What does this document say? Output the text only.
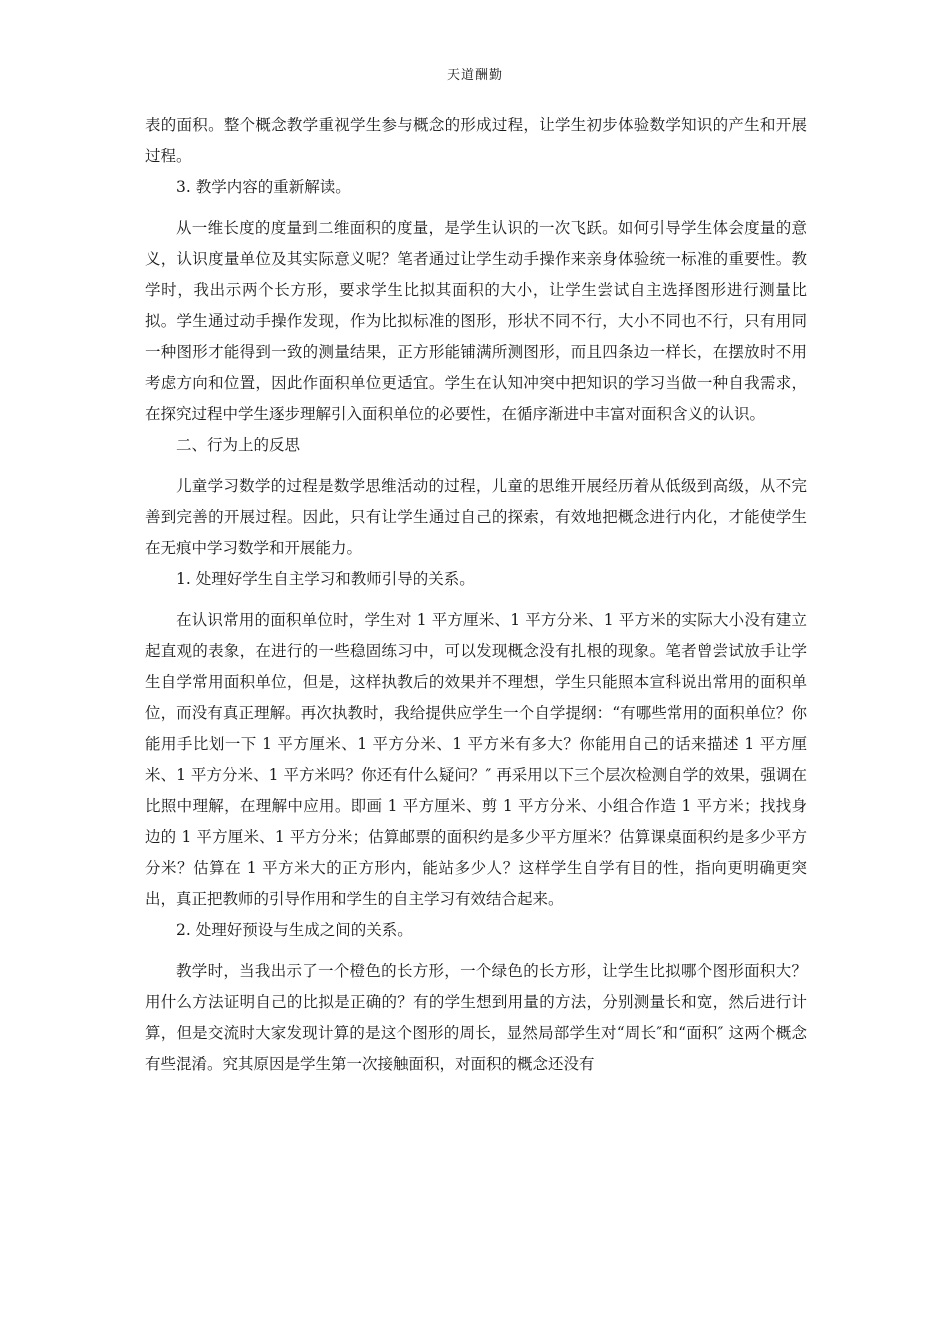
天道酬勤

表的面积。整个概念教学重视学生参与概念的形成过程，让学生初步体验数学知识的产生和开展过程。

3. 教学内容的重新解读。

从一维长度的度量到二维面积的度量，是学生认识的一次飞跃。如何引导学生体会度量的意义，认识度量单位及其实际意义呢？笔者通过让学生动手操作来亲身体验统一标准的重要性。教学时，我出示两个长方形，要求学生比拟其面积的大小，让学生尝试自主选择图形进行测量比拟。学生通过动手操作发现，作为比拟标准的图形，形状不同不行，大小不同也不行，只有用同一种图形才能得到一致的测量结果，正方形能铺满所测图形，而且四条边一样长，在摆放时不用考虑方向和位置，因此作面积单位更适宜。学生在认知冲突中把知识的学习当做一种自我需求，在探究过程中学生逐步理解引入面积单位的必要性，在循序渐进中丰富对面积含义的认识。

二、行为上的反思

儿童学习数学的过程是数学思维活动的过程，儿童的思维开展经历着从低级到高级，从不完善到完善的开展过程。因此，只有让学生通过自己的探索，有效地把概念进行内化，才能使学生在无痕中学习数学和开展能力。

1. 处理好学生自主学习和教师引导的关系。

在认识常用的面积单位时，学生对 1 平方厘米、1 平方分米、1 平方米的实际大小没有建立起直观的表象，在进行的一些稳固练习中，可以发现概念没有扎根的现象。笔者曾尝试放手让学生自学常用面积单位，但是，这样执教后的效果并不理想，学生只能照本宣科说出常用的面积单位，而没有真正理解。再次执教时，我给提供应学生一个自学提纲：“有哪些常用的面积单位？你能用手比划一下 1 平方厘米、1 平方分米、1 平方米有多大？你能用自己的话来描述 1 平方厘米、1 平方分米、1 平方米吗？你还有什么疑问？″ 再采用以下三个层次检测自学的效果，强调在比照中理解，在理解中应用。即画 1 平方厘米、剪 1 平方分米、小组合作造 1 平方米；找找身边的 1 平方厘米、1 平方分米；估算邮票的面积约是多少平方厘米？估算课桌面积约是多少平方分米？估算在 1 平方米大的正方形内，能站多少人？这样学生自学有目的性，指向更明确更突出，真正把教师的引导作用和学生的自主学习有效结合起来。

2. 处理好预设与生成之间的关系。

教学时，当我出示了一个橙色的长方形，一个绿色的长方形，让学生比拟哪个图形面积大？用什么方法证明自己的比拟是正确的？有的学生想到用量的方法，分别测量长和宽，然后进行计算，但是交流时大家发现计算的是这个图形的周长，显然局部学生对“周长″和“面积″ 这两个概念有些混淆。究其原因是学生第一次接触面积，对面积的概念还没有
